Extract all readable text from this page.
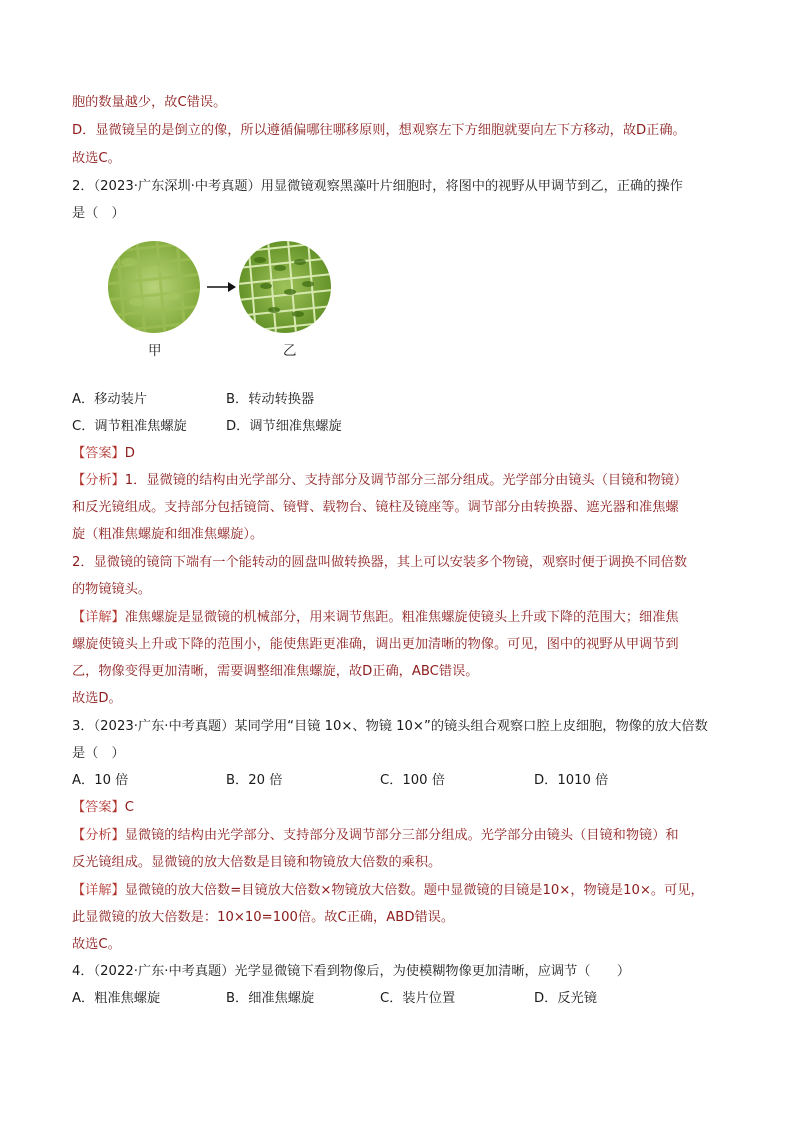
胞的数量越少，故C错误。
D．显微镜呈的是倒立的像，所以遵循偏哪往哪移原则，想观察左下方细胞就要向左下方移动，故D正确。
故选C。
2．（2023·广东深圳·中考真题）用显微镜观察黑藻叶片细胞时，将图中的视野从甲调节到乙，正确的操作
是（　）
甲	乙
A．移动装片	B．转动转换器
C．调节粗准焦螺旋	D．调节细准焦螺旋
【答案】D
【分析】1．显微镜的结构由光学部分、支持部分及调节部分三部分组成。光学部分由镜头（目镜和物镜）
和反光镜组成。支持部分包括镜筒、镜臂、载物台、镜柱及镜座等。调节部分由转换器、遮光器和准焦螺
旋（粗准焦螺旋和细准焦螺旋）。
2．显微镜的镜筒下端有一个能转动的圆盘叫做转换器，其上可以安装多个物镜，观察时便于调换不同倍数
的物镜镜头。
【详解】准焦螺旋是显微镜的机械部分，用来调节焦距。粗准焦螺旋使镜头上升或下降的范围大；细准焦
螺旋使镜头上升或下降的范围小，能使焦距更准确，调出更加清晰的物像。可见，图中的视野从甲调节到
乙，物像变得更加清晰，需要调整细准焦螺旋，故D正确，ABC错误。
故选D。
3．（2023·广东·中考真题）某同学用“目镜 10×、物镜 10×”的镜头组合观察口腔上皮细胞，物像的放大倍数
是（　）
A．10 倍	B．20 倍	C．100 倍	D．1010 倍
【答案】C
【分析】显微镜的结构由光学部分、支持部分及调节部分三部分组成。光学部分由镜头（目镜和物镜）和
反光镜组成。显微镜的放大倍数是目镜和物镜放大倍数的乘积。
【详解】显微镜的放大倍数=目镜放大倍数×物镜放大倍数。题中显微镜的目镜是10×，物镜是10×。可见，
此显微镜的放大倍数是：10×10=100倍。故C正确，ABD错误。
故选C。
4．（2022·广东·中考真题）光学显微镜下看到物像后，为使模糊物像更加清晰，应调节（　　）
A．粗准焦螺旋	B．细准焦螺旋	C．装片位置	D．反光镜
